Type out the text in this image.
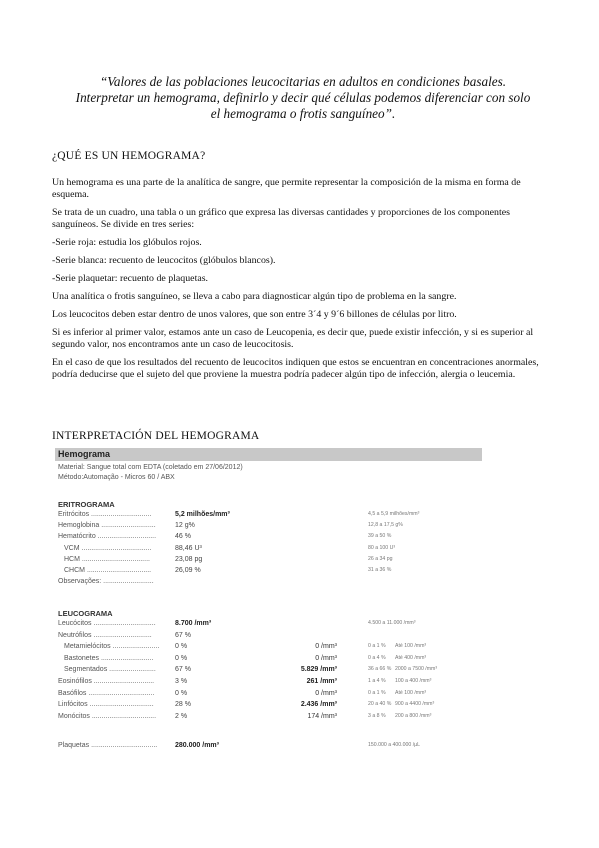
“Valores de las poblaciones leucocitarias en adultos en condiciones basales.
Interpretar un hemograma, definirlo y decir qué células podemos diferenciar con solo
el hemograma o frotis sanguíneo”.
¿QUÉ ES UN HEMOGRAMA?

Un hemograma es una parte de la analítica de sangre, que permite representar la composición de la misma en forma de esquema.

Se trata de un cuadro, una tabla o un gráfico que expresa las diversas cantidades y proporciones de los componentes sanguíneos. Se divide en tres series:

-Serie roja: estudia los glóbulos rojos.

-Serie blanca: recuento de leucocitos (glóbulos blancos).

-Serie plaquetar: recuento de plaquetas.

Una analítica o frotis sanguíneo, se lleva a cabo para diagnosticar algún tipo de problema en la sangre.

Los leucocitos deben estar dentro de unos valores, que son entre 3´4 y 9´6 billones de células por litro.

Si es inferior al primer valor, estamos ante un caso de Leucopenia, es decir que, puede existir infección, y si es superior al segundo valor, nos encontramos ante un caso de leucocitosis.

En el caso de que los resultados del recuento de leucocitos indiquen que estos se encuentran en concentraciones anormales, podría deducirse que el sujeto del que proviene la muestra podría padecer algún tipo de infección, alergia o leucemia.

INTERPRETACIÓN DEL HEMOGRAMA
Hemograma
Material: Sangue total com EDTA (coletado em 27/06/2012)
Método:Automação - Micros 60 / ABX
ERITROGRAMA
LEUCOGRAMA
Eritrócitos ...............................	5,2 milhões/mm³	4,5 a 5,9 milhões/mm³
Hemoglobina ............................	12 g%	12,8 a 17,5 g%
Hematócrito ..............................	46 %	39 a 50 %
VCM ....................................	88,46 U³	80 a 100 U³
HCM ...................................	23,08 pg	26 a 34 pg
CHCM .................................	26,09 %	31 a 36 %
Observações: ..........................
Leucócitos ................................	8.700 /mm³	4.500 a 11.000 /mm³
Neutrófilos ..............................	67 %
Metamielócitos ........................ 0 %	0 /mm³	0 a 1 % Até 100 /mm³
Bastonetes ...........................	0 %	0 /mm³	0 a 4 % Até 400 /mm³
Segmentados ........................	67 %	5.829 /mm³	36 a 66 % 2000 a 7500 /mm³
Eosinófilos ...............................	3 %	261 /mm³	1 a 4 % 100 a 400 /mm³
Basófilos ..................................	0 %	0 /mm³	0 a 1 % Até 100 /mm³
Linfócitos .................................	28 %	2.436 /mm³	20 a 40 % 900 a 4400 /mm³
Monócitos .................................	2 %	174 /mm³	3 a 8 % 200 a 800 /mm³
Plaquetas ..................................	280.000 /mm³	150.000 a 400.000 /µL
